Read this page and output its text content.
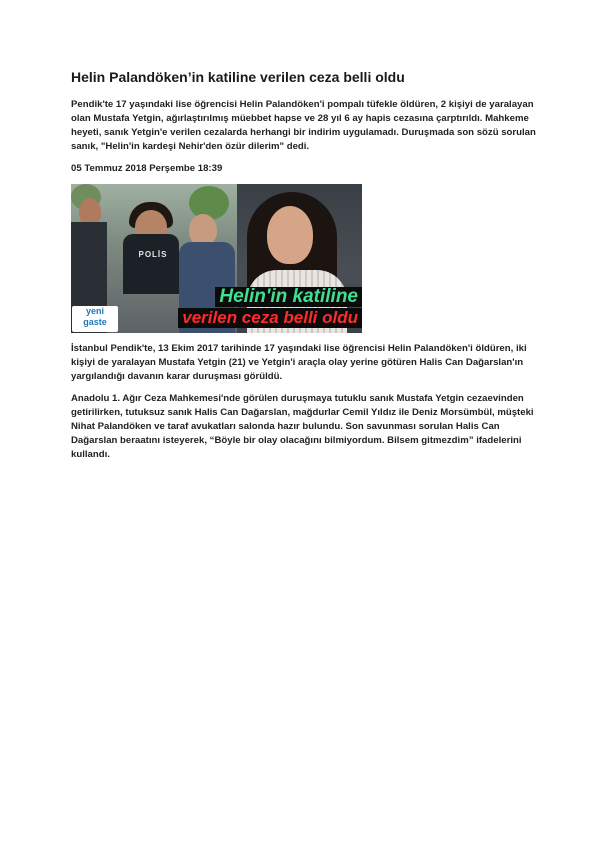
Helin Palandöken’in katiline verilen ceza belli oldu

Pendik'te 17 yaşındaki lise öğrencisi Helin Palandöken'i pompalı tüfekle öldüren, 2 kişiyi de yaralayan olan Mustafa Yetgin, ağırlaştırılmış müebbet hapse ve 28 yıl 6 ay hapis cezasına çarptırıldı. Mahkeme heyeti, sanık Yetgin'e verilen cezalarda herhangi bir indirim uygulamadı. Duruşmada son sözü sorulan sanık, "Helin'in kardeşi Nehir'den özür dilerim" dedi.

05 Temmuz 2018 Perşembe 18:39

POLİS
Helin'in katiline
verilen ceza belli oldu
yeni
gaste

İstanbul Pendik'te, 13 Ekim 2017 tarihinde 17 yaşındaki lise öğrencisi Helin Palandöken'i öldüren, iki kişiyi de yaralayan Mustafa Yetgin (21) ve Yetgin'i araçla olay yerine götüren Halis Can Dağarslan'ın yargılandığı davanın karar duruşması görüldü.

Anadolu 1. Ağır Ceza Mahkemesi'nde görülen duruşmaya tutuklu sanık Mustafa Yetgin cezaevinden getirilirken, tutuksuz sanık Halis Can Dağarslan, mağdurlar Cemil Yıldız ile Deniz Morsümbül, müşteki Nihat Palandöken ve taraf avukatları salonda hazır bulundu. Son savunması sorulan Halis Can Dağarslan beraatını isteyerek, “Böyle bir olay olacağını bilmiyordum. Bilsem gitmezdim” ifadelerini kullandı.
